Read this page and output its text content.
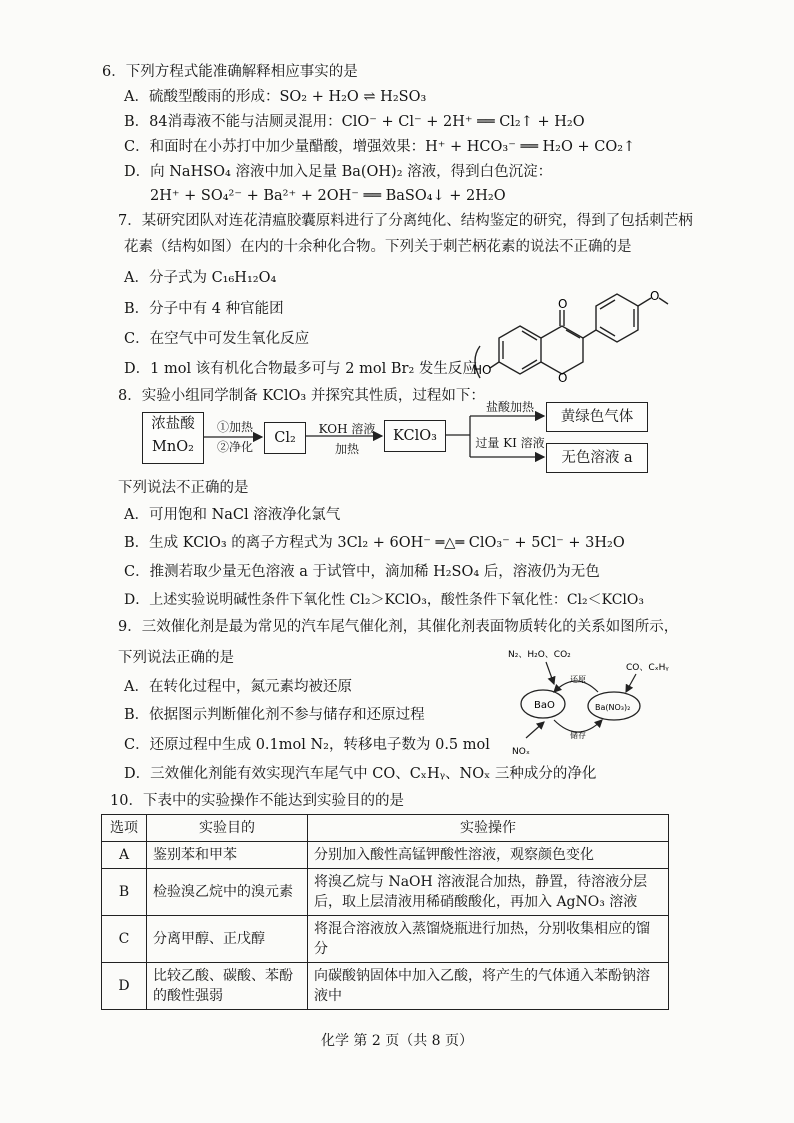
6．下列方程式能准确解释相应事实的是
A．硫酸型酸雨的形成：SO₂ + H₂O ⇌ H₂SO₃
B．84消毒液不能与洁厕灵混用：ClO⁻ + Cl⁻ + 2H⁺ ══ Cl₂↑ + H₂O
C．和面时在小苏打中加少量醋酸，增强效果：H⁺ + HCO₃⁻ ══ H₂O + CO₂↑
D．向 NaHSO₄ 溶液中加入足量 Ba(OH)₂ 溶液，得到白色沉淀：
2H⁺ + SO₄²⁻ + Ba²⁺ + 2OH⁻ ══ BaSO₄↓ + 2H₂O
7．某研究团队对连花清瘟胶囊原料进行了分离纯化、结构鉴定的研究，得到了包括刺芒柄
花素（结构如图）在内的十余种化合物。下列关于刺芒柄花素的说法不正确的是
A．分子式为 C₁₆H₁₂O₄
B．分子中有 4 种官能团
C．在空气中可发生氧化反应
D．1 mol 该有机化合物最多可与 2 mol Br₂ 发生反应
HO
O
O
O
8．实验小组同学制备 KClO₃ 并探究其性质，过程如下：
浓盐酸
MnO₂
①加热
②净化
Cl₂
KOH 溶液
加热
KClO₃
盐酸加热
黄绿色气体
过量 KI 溶液
无色溶液 a
下列说法不正确的是
A．可用饱和 NaCl 溶液净化氯气
B．生成 KClO₃ 的离子方程式为 3Cl₂ + 6OH⁻ ═△═ ClO₃⁻ + 5Cl⁻ + 3H₂O
C．推测若取少量无色溶液 a 于试管中，滴加稀 H₂SO₄ 后，溶液仍为无色
D．上述实验说明碱性条件下氧化性 Cl₂＞KClO₃，酸性条件下氧化性：Cl₂＜KClO₃
9．三效催化剂是最为常见的汽车尾气催化剂，其催化剂表面物质转化的关系如图所示，
下列说法正确的是
A．在转化过程中，氮元素均被还原
B．依据图示判断催化剂不参与储存和还原过程
C．还原过程中生成 0.1mol N₂，转移电子数为 0.5 mol
D．三效催化剂能有效实现汽车尾气中 CO、CₓHᵧ、NOₓ 三种成分的净化
N₂、H₂O、CO₂
CO、CₓHᵧ
BaO	Ba(NO₃)₂
还原
储存
NOₓ
10．下表中的实验操作不能达到实验目的的是
选项	实验目的	实验操作
A	鉴别苯和甲苯	分别加入酸性高锰钾酸性溶液，观察颜色变化
B	检验溴乙烷中的溴元素	将溴乙烷与 NaOH 溶液混合加热，静置，待溶液分层后，取上层清液用稀硝酸酸化，再加入 AgNO₃ 溶液
C	分离甲醇、正戊醇	将混合溶液放入蒸馏烧瓶进行加热，分别收集相应的馏分
D	比较乙酸、碳酸、苯酚的酸性强弱	向碳酸钠固体中加入乙酸，将产生的气体通入苯酚钠溶液中
化学 第 2 页（共 8 页）
